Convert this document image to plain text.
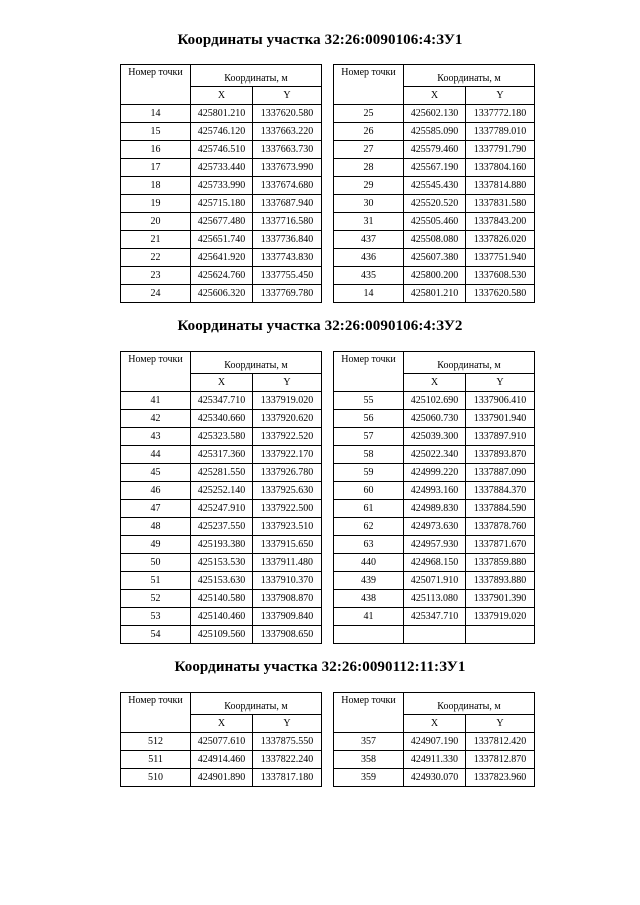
Координаты участка 32:26:0090106:4:ЗУ1
Номер точки	Координаты, м	
	X	Y
14	425801.210	1337620.580
15	425746.120	1337663.220
16	425746.510	1337663.730
17	425733.440	1337673.990
18	425733.990	1337674.680
19	425715.180	1337687.940
20	425677.480	1337716.580
21	425651.740	1337736.840
22	425641.920	1337743.830
23	425624.760	1337755.450
24	425606.320	1337769.780
Номер точки	Координаты, м	
	X	Y
25	425602.130	1337772.180
26	425585.090	1337789.010
27	425579.460	1337791.790
28	425567.190	1337804.160
29	425545.430	1337814.880
30	425520.520	1337831.580
31	425505.460	1337843.200
437	425508.080	1337826.020
436	425607.380	1337751.940
435	425800.200	1337608.530
14	425801.210	1337620.580
Координаты участка 32:26:0090106:4:ЗУ2
Номер точки	Координаты, м	
	X	Y
41	425347.710	1337919.020
42	425340.660	1337920.620
43	425323.580	1337922.520
44	425317.360	1337922.170
45	425281.550	1337926.780
46	425252.140	1337925.630
47	425247.910	1337922.500
48	425237.550	1337923.510
49	425193.380	1337915.650
50	425153.530	1337911.480
51	425153.630	1337910.370
52	425140.580	1337908.870
53	425140.460	1337909.840
54	425109.560	1337908.650
Номер точки	Координаты, м	
	X	Y
55	425102.690	1337906.410
56	425060.730	1337901.940
57	425039.300	1337897.910
58	425022.340	1337893.870
59	424999.220	1337887.090
60	424993.160	1337884.370
61	424989.830	1337884.590
62	424973.630	1337878.760
63	424957.930	1337871.670
440	424968.150	1337859.880
439	425071.910	1337893.880
438	425113.080	1337901.390
41	425347.710	1337919.020

Координаты участка 32:26:0090112:11:ЗУ1
Номер точки	Координаты, м	
	X	Y
512	425077.610	1337875.550
511	424914.460	1337822.240
510	424901.890	1337817.180
Номер точки	Координаты, м	
	X	Y
357	424907.190	1337812.420
358	424911.330	1337812.870
359	424930.070	1337823.960
